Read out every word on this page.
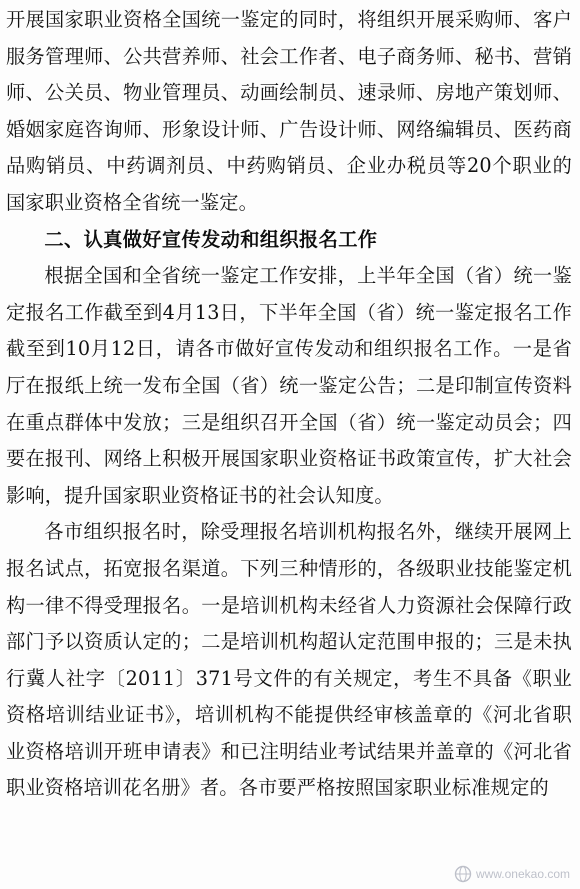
开展国家职业资格全国统一鉴定的同时，将组织开展采购师、客户服务管理师、公共营养师、社会工作者、电子商务师、秘书、营销师、公关员、物业管理员、动画绘制员、速录师、房地产策划师、婚姻家庭咨询师、形象设计师、广告设计师、网络编辑员、医药商品购销员、中药调剂员、中药购销员、企业办税员等20个职业的国家职业资格全省统一鉴定。

二、认真做好宣传发动和组织报名工作

根据全国和全省统一鉴定工作安排，上半年全国（省）统一鉴定报名工作截至到4月13日，下半年全国（省）统一鉴定报名工作截至到10月12日，请各市做好宣传发动和组织报名工作。一是省厅在报纸上统一发布全国（省）统一鉴定公告；二是印制宣传资料在重点群体中发放；三是组织召开全国（省）统一鉴定动员会；四要在报刊、网络上积极开展国家职业资格证书政策宣传，扩大社会影响，提升国家职业资格证书的社会认知度。

各市组织报名时，除受理报名培训机构报名外，继续开展网上报名试点，拓宽报名渠道。下列三种情形的，各级职业技能鉴定机构一律不得受理报名。一是培训机构未经省人力资源社会保障行政部门予以资质认定的；二是培训机构超认定范围申报的；三是未执行冀人社字〔2011〕371号文件的有关规定，考生不具备《职业资格培训结业证书》，培训机构不能提供经审核盖章的《河北省职业资格培训开班申请表》和已注明结业考试结果并盖章的《河北省职业资格培训花名册》者。各市要严格按照国家职业标准规定的

www.onekao.com
